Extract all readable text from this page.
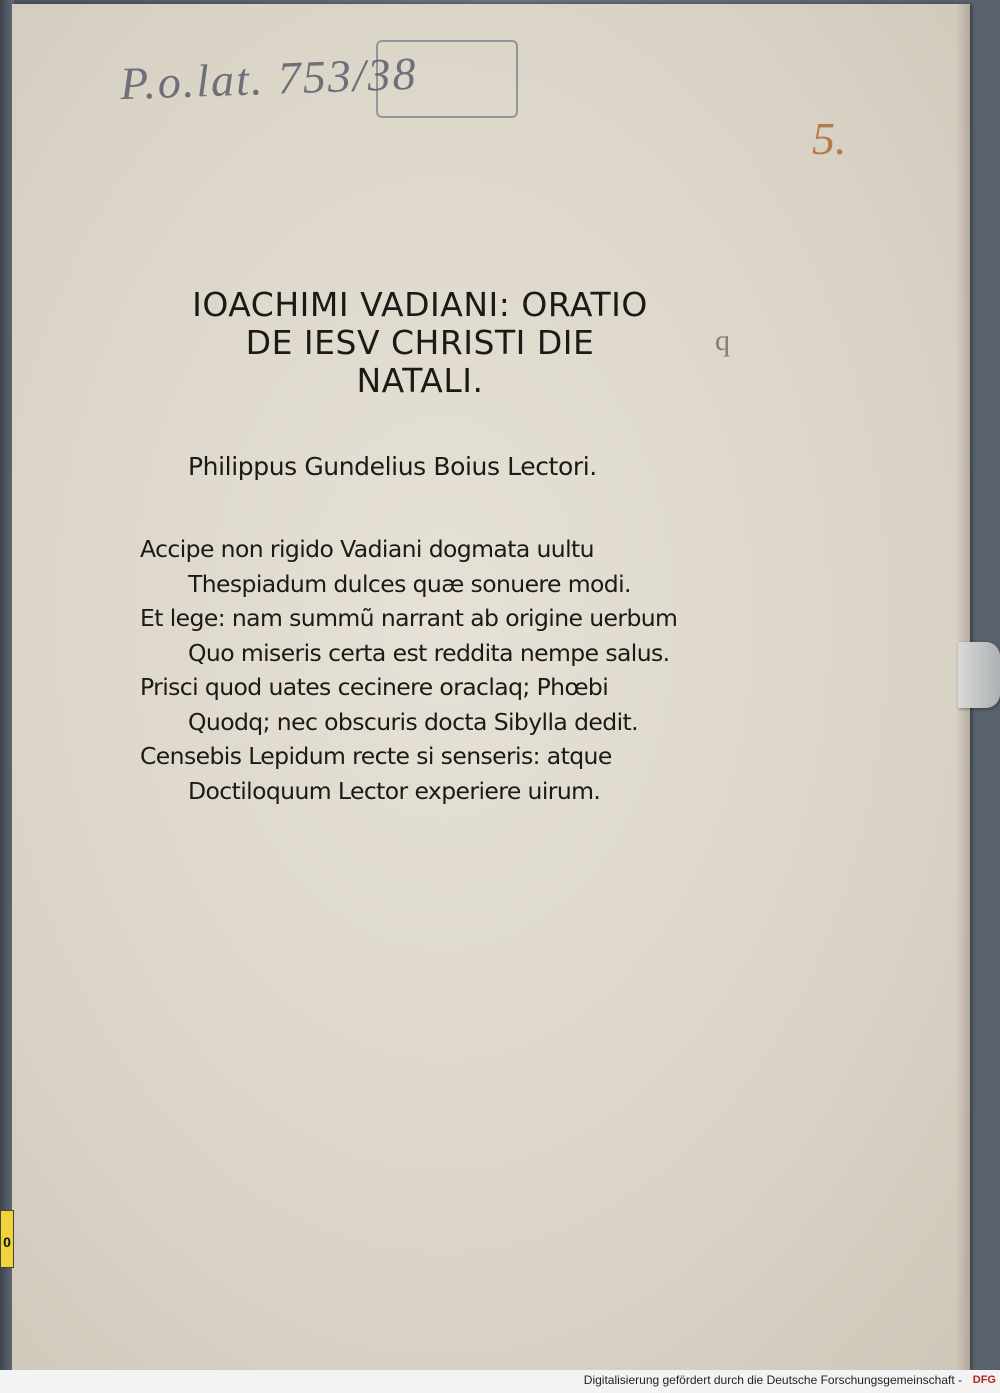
P.o.lat. 753/38
5.
q
IOACHIMI VADIANI: ORATIO
DE IESV CHRISTI DIE
NATALI.
Philippus Gundelius Boius Lectori.
Accipe non rigido Vadiani dogmata uultu
Thespiadum dulces quæ sonuere modi.
Et lege: nam summũ narrant ab origine uerbum
Quo miseris certa est reddita nempe salus.
Prisci quod uates cecinere oraclaq; Phœbi
Quodq; nec obscuris docta Sibylla dedit.
Censebis Lepidum recte si senseris: atque
Doctiloquum Lector experiere uirum.
0
Digitalisierung gefördert durch die Deutsche Forschungsgemeinschaft - DFG
